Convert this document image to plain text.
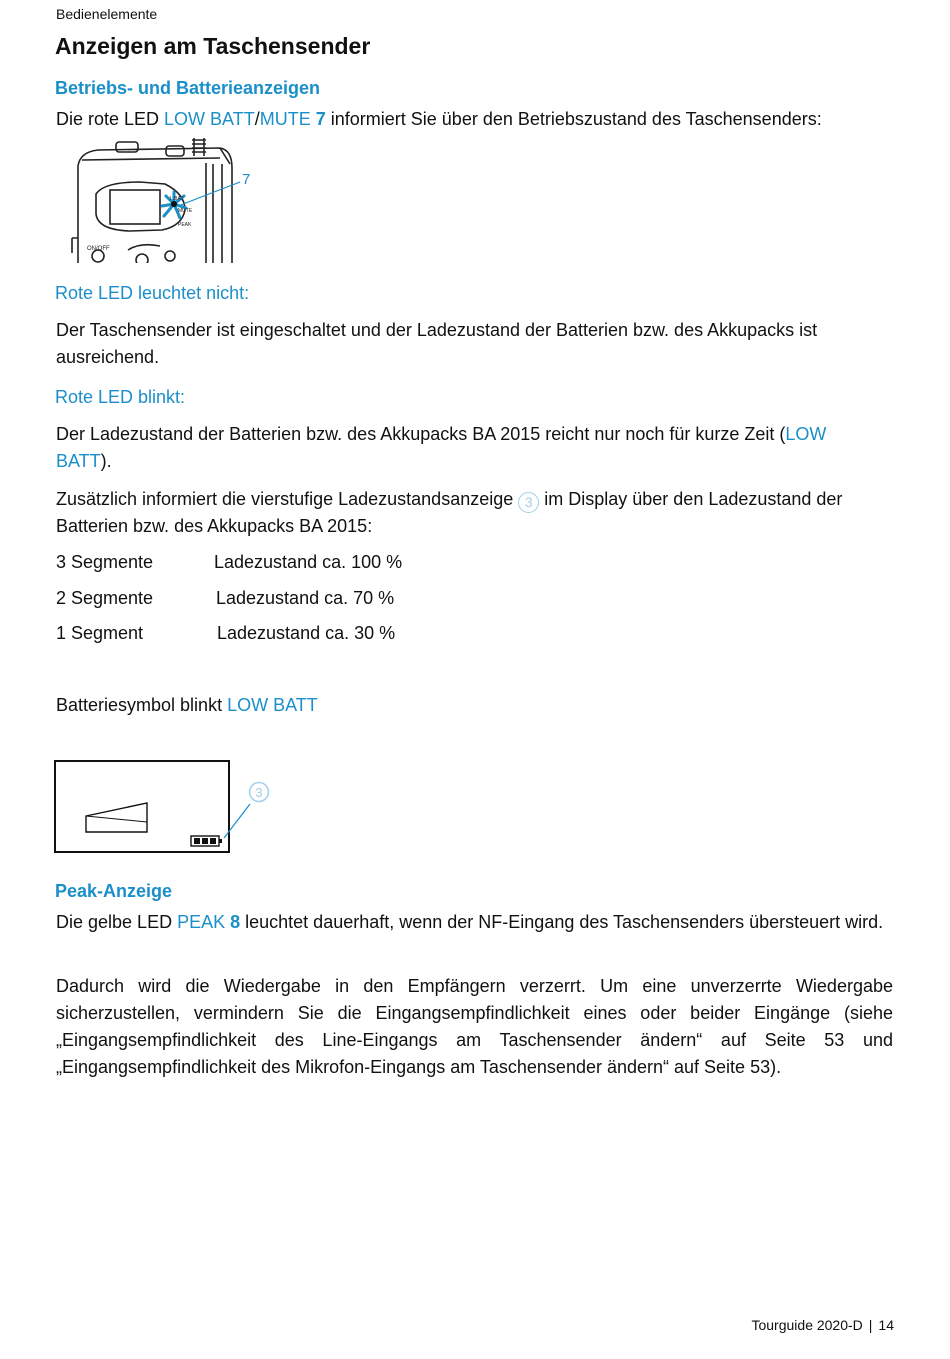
Bedienelemente
Anzeigen am Taschensender
Betriebs- und Batterieanzeigen
Die rote LED LOW BATT/MUTE 7 informiert Sie über den Betriebszustand des Taschensenders:
ON/OFF
L.BAT
MUTE
PEAK
7
Rote LED leuchtet nicht:
Der Taschensender ist eingeschaltet und der Ladezustand der Batterien bzw. des Akkupacks ist ausreichend.
Rote LED blinkt:
Der Ladezustand der Batterien bzw. des Akkupacks BA 2015 reicht nur noch für kurze Zeit (LOW BATT).
Zusätzlich informiert die vierstufige Ladezustandsanzeige 3 im Display über den Ladezustand der Batterien bzw. des Akkupacks BA 2015:
3 Segmente	Ladezustand ca. 100 %
2 Segmente	Ladezustand ca. 70 %
1 Segment	Ladezustand ca. 30 %
Batteriesymbol blinkt LOW BATT
3
Peak-Anzeige
Die gelbe LED PEAK 8 leuchtet dauerhaft, wenn der NF-Eingang des Taschensenders übersteuert wird.
Dadurch wird die Wiedergabe in den Empfängern verzerrt. Um eine unverzerrte Wiedergabe sicherzustellen, vermindern Sie die Eingangsempfindlichkeit eines oder beider Eingänge (siehe „Eingangsempfindlichkeit des Line-Eingangs am Taschensender ändern“ auf Seite 53 und „Eingangsempfindlichkeit des Mikrofon-Eingangs am Taschensender ändern“ auf Seite 53).
Tourguide 2020-D | 14
